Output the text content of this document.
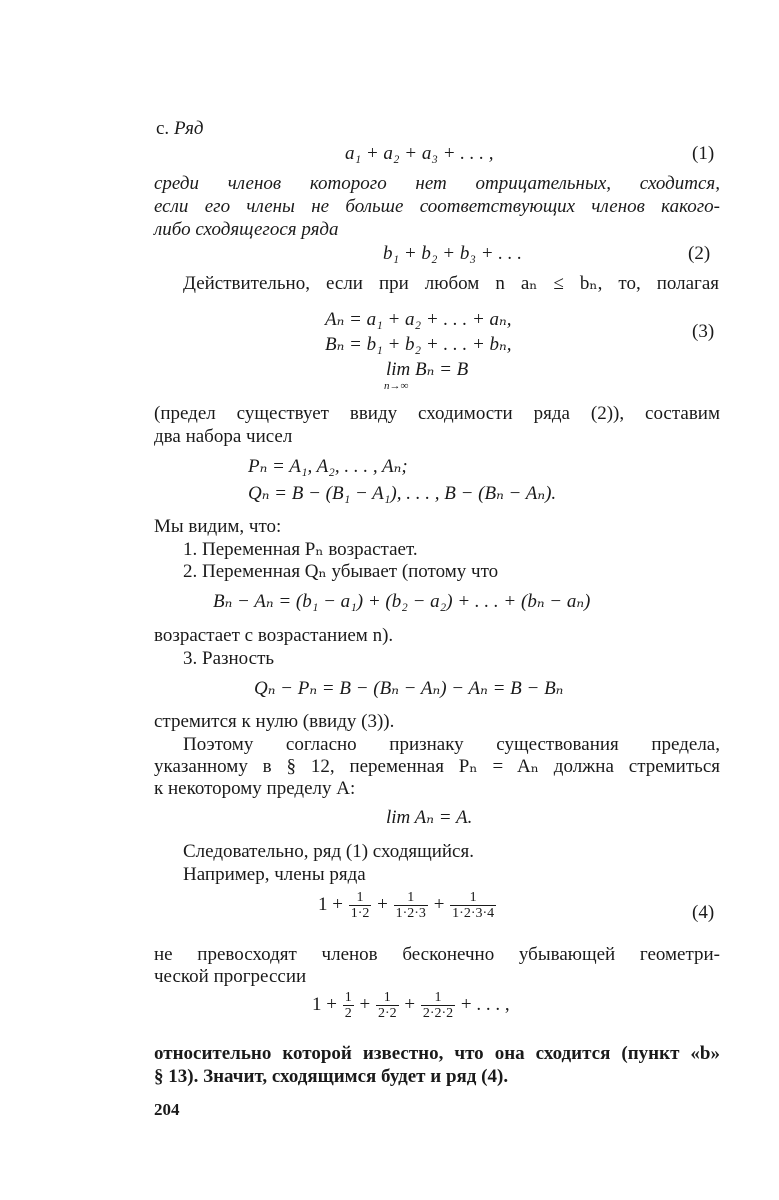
c. Ряд
a₁ + a₂ + a₃ + . . . ,	(1)
среди членов которого нет отрицательных, сходится,
если его члены не больше соответствующих членов какого-
либо сходящегося ряда
b₁ + b₂ + b₃ + . . .	(2)
Действительно, если при любом n aₙ ≤ bₙ, то, полагая
Aₙ = a₁ + a₂ + . . . + aₙ,
Bₙ = b₁ + b₂ + . . . + bₙ,
(3)
lim Bₙ = B
n→∞
(предел существует ввиду сходимости ряда (2)), составим
два набора чисел
Pₙ = A₁, A₂, . . . , Aₙ;
Qₙ = B − (B₁ − A₁), . . . , B − (Bₙ − Aₙ).
Мы видим, что:
1. Переменная Pₙ возрастает.
2. Переменная Qₙ убывает (потому что
Bₙ − Aₙ = (b₁ − a₁) + (b₂ − a₂) + . . . + (bₙ − aₙ)
возрастает с возрастанием n).
3. Разность
Qₙ − Pₙ = B − (Bₙ − Aₙ) − Aₙ = B − Bₙ
стремится к нулю (ввиду (3)).
Поэтому согласно признаку существования предела,
указанному в § 12, переменная Pₙ = Aₙ должна стремиться
к некоторому пределу A:
lim Aₙ = A.
Следовательно, ряд (1) сходящийся.
Например, члены ряда
$1 + \frac{1}{1\cdot 2} + \frac{1}{1\cdot 2\cdot 3} + \frac{1}{1\cdot 2\cdot 3\cdot 4}$	(4)
не превосходят членов бесконечно убывающей геометри-
ческой прогрессии
$1 + \frac{1}{2} + \frac{1}{2\cdot 2} + \frac{1}{2\cdot 2\cdot 2}$ + . . . ,
относительно которой известно, что она сходится (пункт «b»
§ 13). Значит, сходящимся будет и ряд (4).
204
